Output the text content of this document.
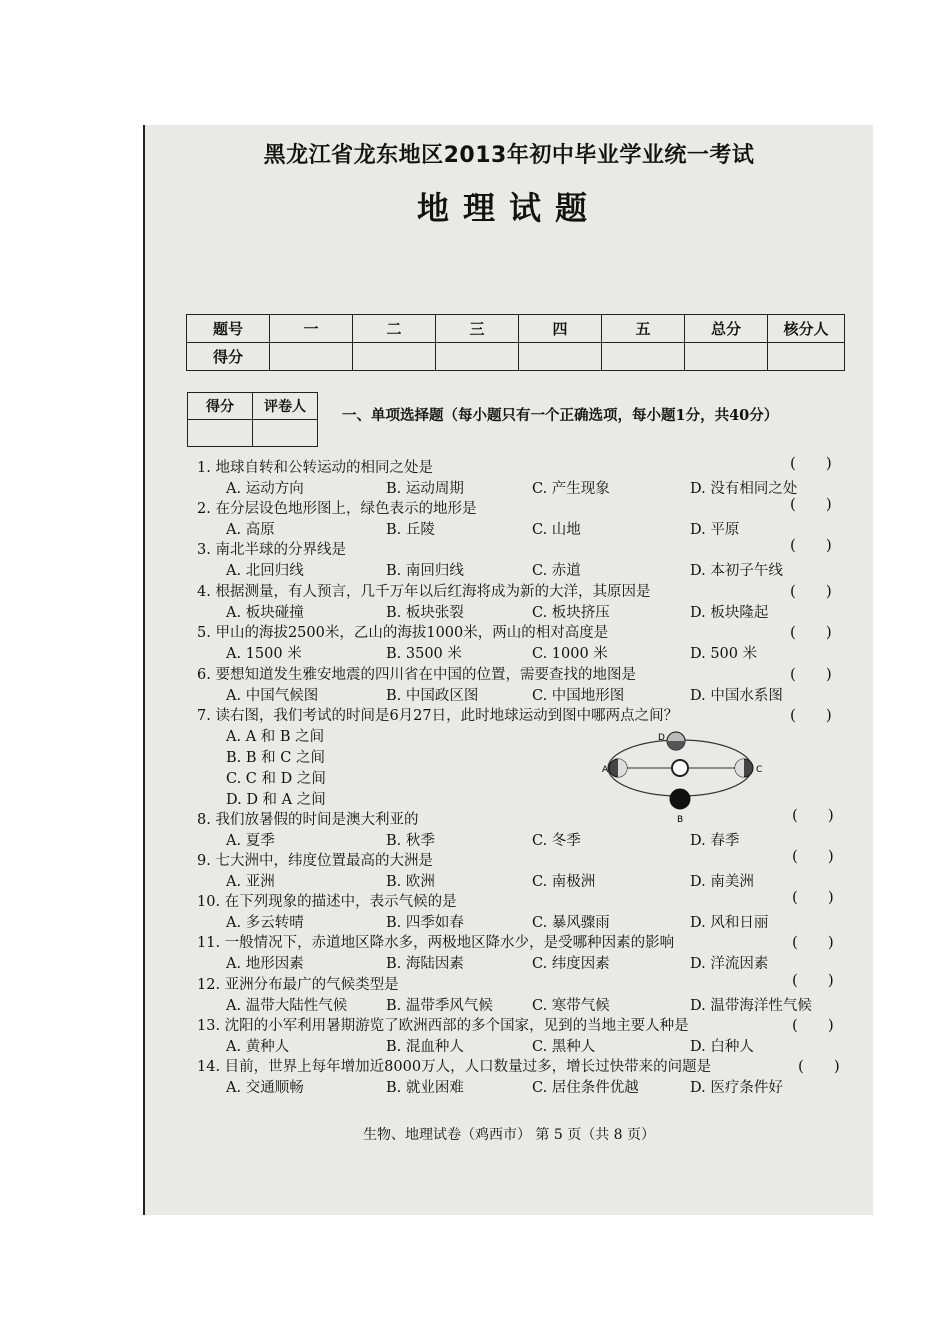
黑龙江省龙东地区2013年初中毕业学业统一考试
地理试题
题号	一	二	三	四	五	总分	核分人
得分							
得分	评卷人
	一、单项选择题（每小题只有一个正确选项，每小题1分，共40分）
1. 地球自转和公转运动的相同之处是	(　　)
A. 运动方向	B. 运动周期	C. 产生现象	D. 没有相同之处
2. 在分层设色地形图上，绿色表示的地形是	(　　)
A. 高原	B. 丘陵	C. 山地	D. 平原
3. 南北半球的分界线是	(　　)
A. 北回归线	B. 南回归线	C. 赤道	D. 本初子午线
4. 根据测量，有人预言，几千万年以后红海将成为新的大洋，其原因是	(　　)
A. 板块碰撞	B. 板块张裂	C. 板块挤压	D. 板块隆起
5. 甲山的海拔2500米，乙山的海拔1000米，两山的相对高度是	(　　)
A. 1500 米	B. 3500 米	C. 1000 米	D. 500 米
6. 要想知道发生雅安地震的四川省在中国的位置，需要查找的地图是	(　　)
A. 中国气候图	B. 中国政区图	C. 中国地形图	D. 中国水系图
7. 读右图，我们考试的时间是6月27日，此时地球运动到图中哪两点之间？	(　　)
A. A 和 B 之间
B. B 和 C 之间
C. C 和 D 之间
D. D 和 A 之间
8. 我们放暑假的时间是澳大利亚的	(　　)
A. 夏季	B. 秋季	C. 冬季	D. 春季
9. 七大洲中，纬度位置最高的大洲是	(　　)
A. 亚洲	B. 欧洲	C. 南极洲	D. 南美洲
10. 在下列现象的描述中，表示气候的是	(　　)
A. 多云转晴	B. 四季如春	C. 暴风骤雨	D. 风和日丽
11. 一般情况下，赤道地区降水多，两极地区降水少，是受哪种因素的影响	(　　)
A. 地形因素	B. 海陆因素	C. 纬度因素	D. 洋流因素
12. 亚洲分布最广的气候类型是	(　　)
A. 温带大陆性气候	B. 温带季风气候	C. 寒带气候	D. 温带海洋性气候
13. 沈阳的小军利用暑期游览了欧洲西部的多个国家，见到的当地主要人种是	(　　)
A. 黄种人	B. 混血种人	C. 黑种人	D. 白种人
14. 目前，世界上每年增加近8000万人，人口数量过多，增长过快带来的问题是	(　　)
A. 交通顺畅	B. 就业困难	C. 居住条件优越	D. 医疗条件好
A
B
C
D
生物、地理试卷（鸡西市） 第 5 页（共 8 页）
